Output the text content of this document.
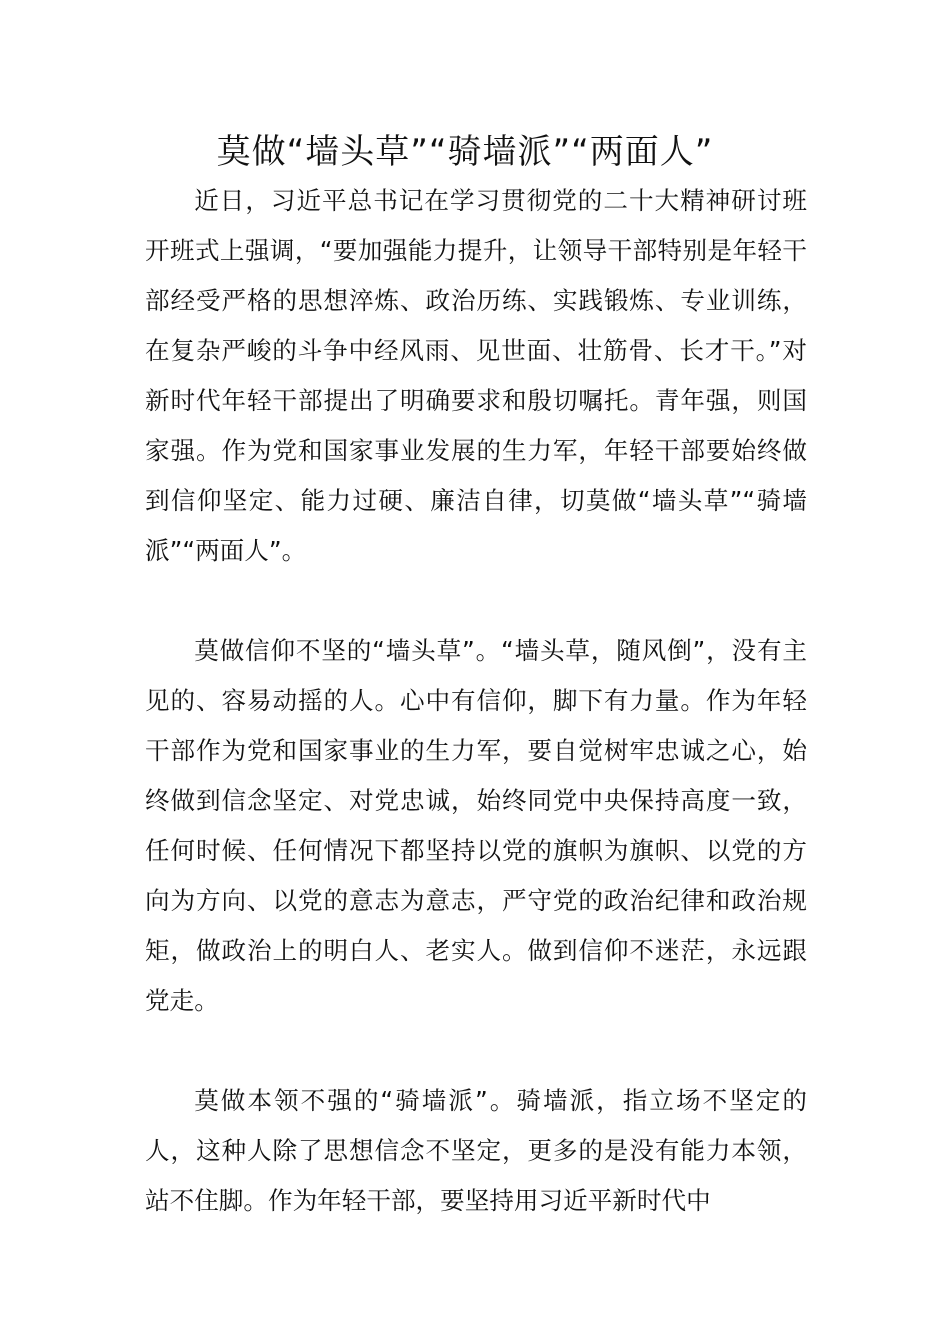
莫做“墙头草”“骑墙派”“两面人”

近日，习近平总书记在学习贯彻党的二十大精神研讨班开班式上强调，“要加强能力提升，让领导干部特别是年轻干部经受严格的思想淬炼、政治历练、实践锻炼、专业训练，在复杂严峻的斗争中经风雨、见世面、壮筋骨、长才干。”对新时代年轻干部提出了明确要求和殷切嘱托。青年强，则国家强。作为党和国家事业发展的生力军，年轻干部要始终做到信仰坚定、能力过硬、廉洁自律，切莫做“墙头草”“骑墙派”“两面人”。

莫做信仰不坚的“墙头草”。“墙头草，随风倒”，没有主见的、容易动摇的人。心中有信仰，脚下有力量。作为年轻干部作为党和国家事业的生力军，要自觉树牢忠诚之心，始终做到信念坚定、对党忠诚，始终同党中央保持高度一致，任何时候、任何情况下都坚持以党的旗帜为旗帜、以党的方向为方向、以党的意志为意志，严守党的政治纪律和政治规矩，做政治上的明白人、老实人。做到信仰不迷茫，永远跟党走。

莫做本领不强的“骑墙派”。骑墙派，指立场不坚定的人，这种人除了思想信念不坚定，更多的是没有能力本领，站不住脚。作为年轻干部，要坚持用习近平新时代中
